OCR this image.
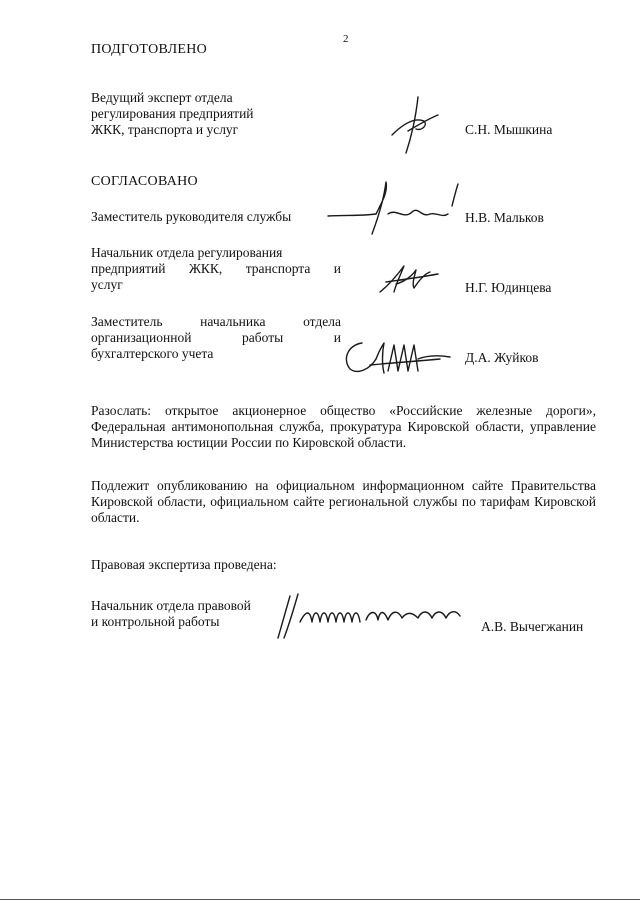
2
ПОДГОТОВЛЕНО
Ведущий эксперт отдела
регулирования предприятий
ЖКК, транспорта и услуг	С.Н. Мышкина
СОГЛАСОВАНО
Заместитель руководителя службы	Н.В. Мальков
Начальник отдела регулирования
предприятий ЖКК, транспорта и
услуг	Н.Г. Юдинцева
Заместитель начальника отдела
организационной работы и
бухгалтерского учета	Д.А. Жуйков
Разослать: открытое акционерное общество «Российские железные дороги», Федеральная антимонопольная служба, прокуратура Кировской области, управление Министерства юстиции России по Кировской области.
Подлежит опубликованию на официальном информационном сайте Правительства Кировской области, официальном сайте региональной службы по тарифам Кировской области.
Правовая экспертиза проведена:
Начальник отдела правовой
и контрольной работы	А.В. Вычегжанин
